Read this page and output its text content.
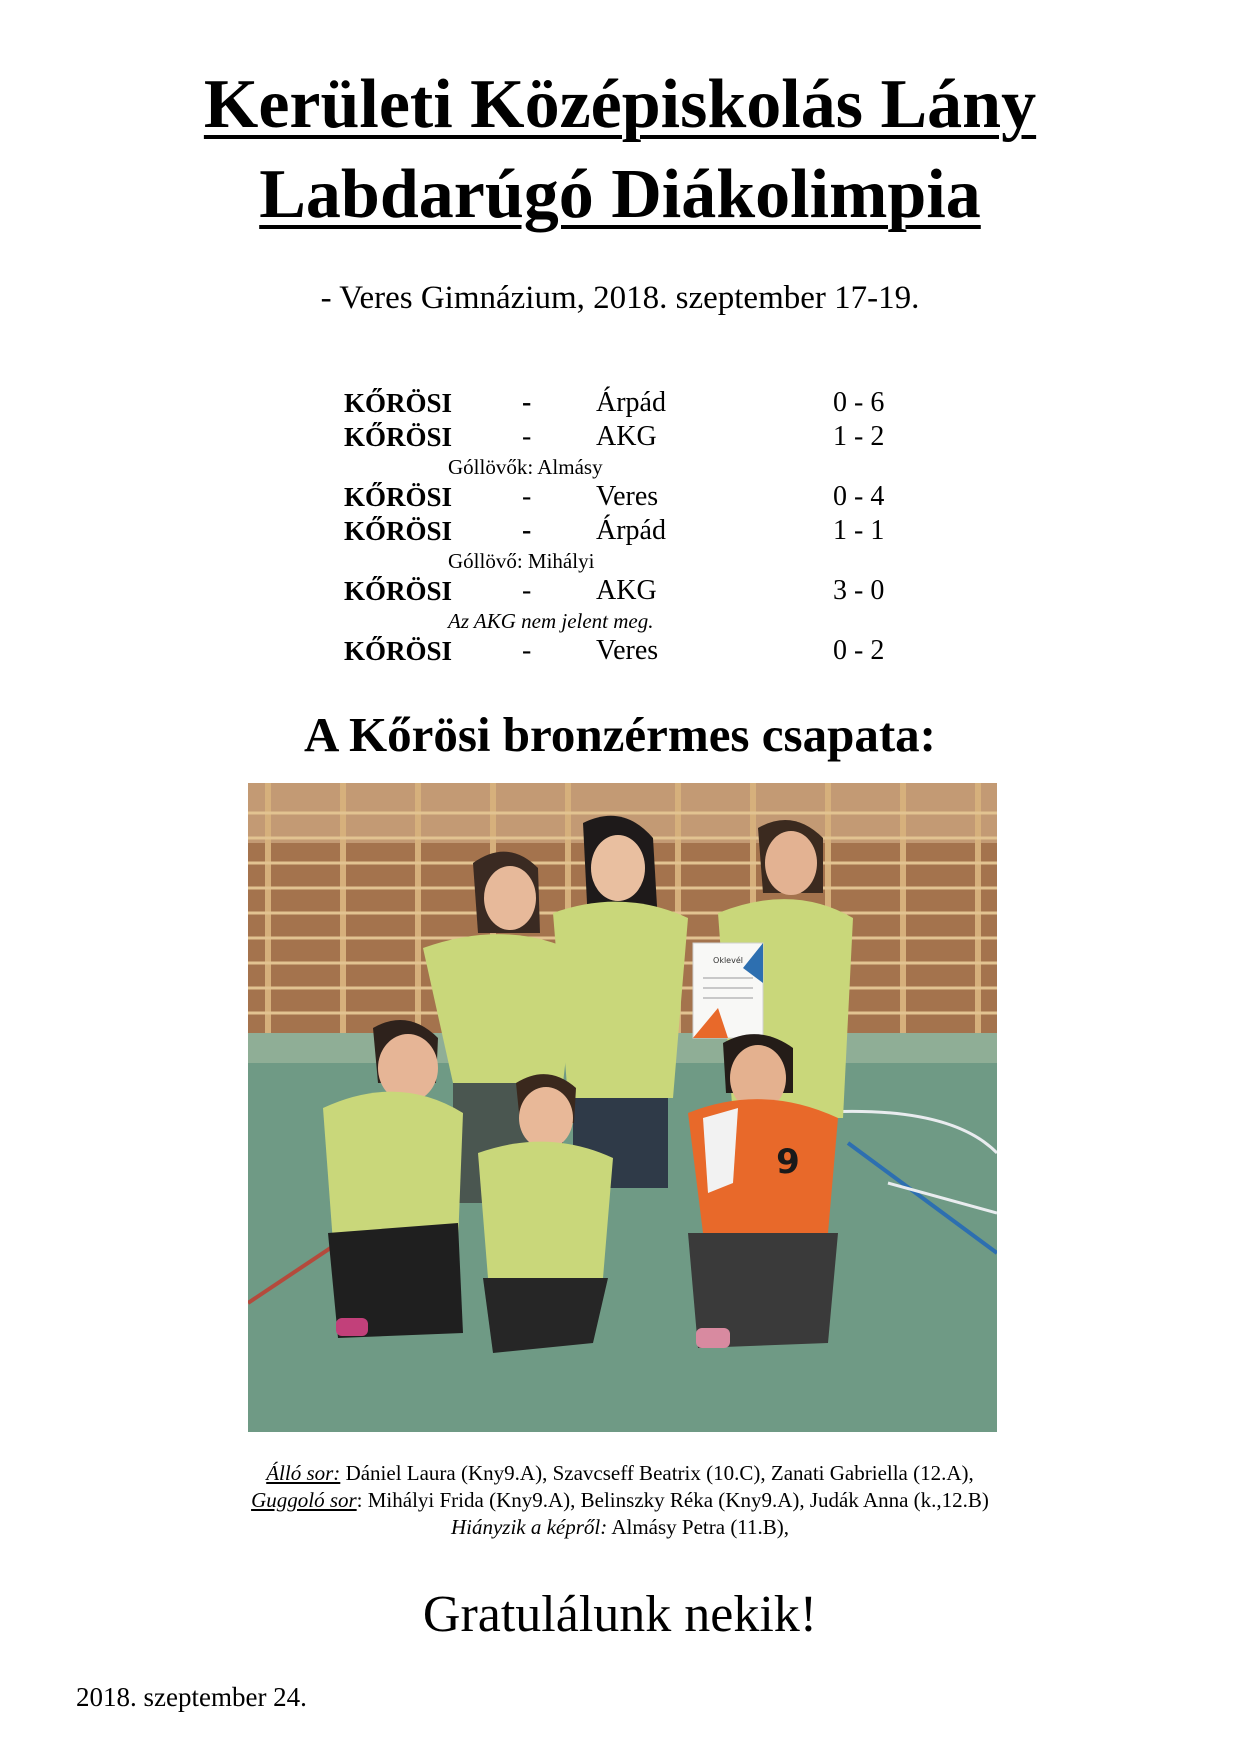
Kerületi Középiskolás Lány
Labdarúgó Diákolimpia
- Veres Gimnázium, 2018. szeptember 17-19.
KŐRÖSI - Árpád	0 - 6
KŐRÖSI - AKG	1 - 2
Góllövők: Almásy
KŐRÖSI - Veres	0 - 4
KŐRÖSI - Árpád	1 - 1
Góllövő: Mihályi
KŐRÖSI - AKG	3 - 0
Az AKG nem jelent meg.
KŐRÖSI - Veres	0 - 2
A Kőrösi bronzérmes csapata:
Oklevél
9
Álló sor: Dániel Laura (Kny9.A), Szavcseff Beatrix (10.C), Zanati Gabriella (12.A),
Guggoló sor: Mihályi Frida (Kny9.A), Belinszky Réka (Kny9.A), Judák Anna (k.,12.B)
Hiányzik a képről: Almásy Petra (11.B),
Gratulálunk nekik!
2018. szeptember 24.
